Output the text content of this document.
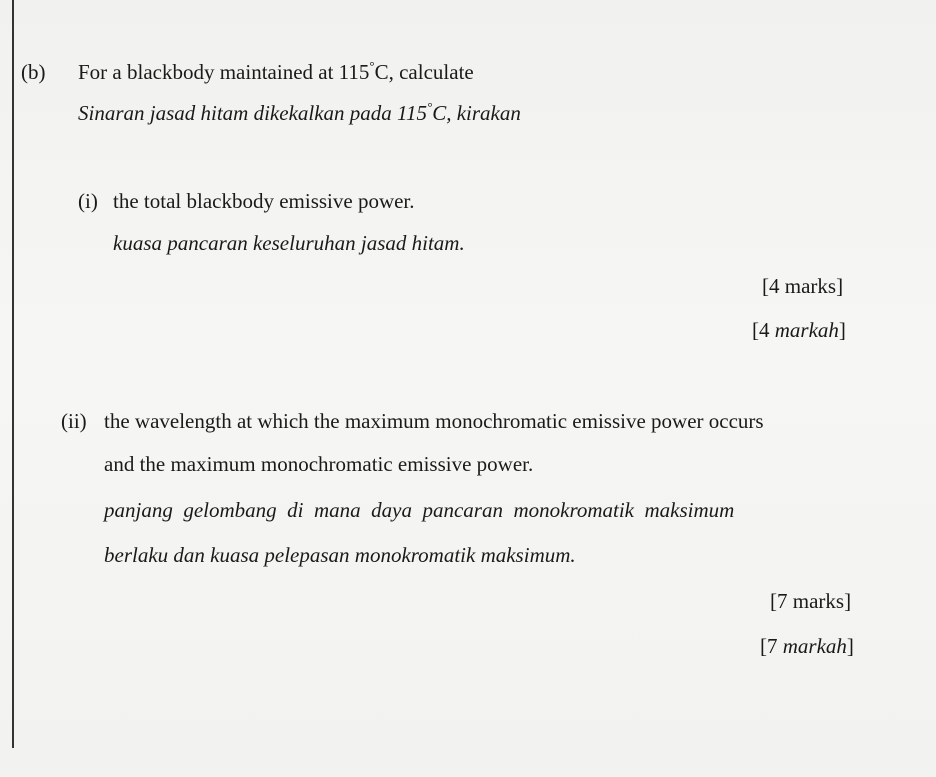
(b) For a blackbody maintained at 115°C, calculate
Sinaran jasad hitam dikekalkan pada 115°C, kirakan
(i) the total blackbody emissive power.
kuasa pancaran keseluruhan jasad hitam.
[4 marks]
[4 markah]
(ii) the wavelength at which the maximum monochromatic emissive power occurs
and the maximum monochromatic emissive power.
panjang  gelombang  di  mana  daya  pancaran  monokromatik  maksimum
berlaku dan kuasa pelepasan monokromatik maksimum.
[7 marks]
[7 markah]
